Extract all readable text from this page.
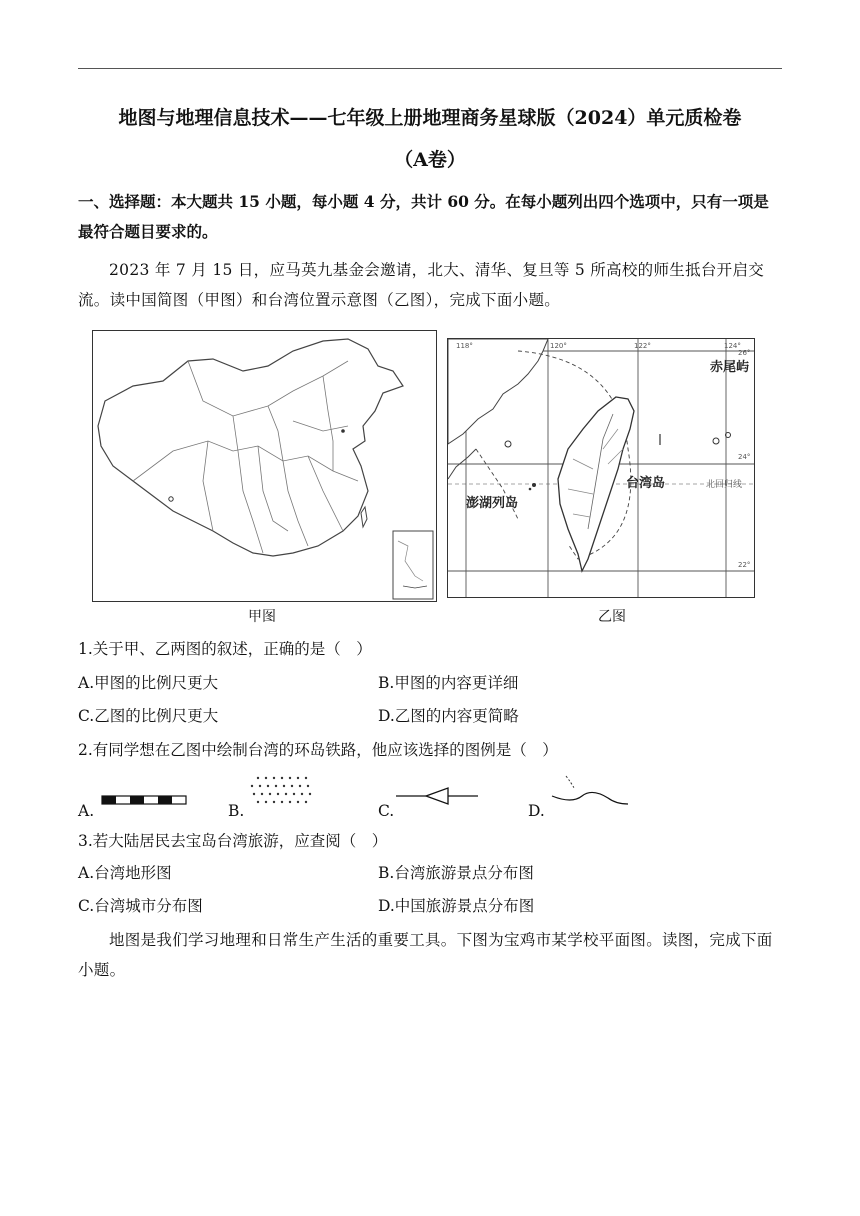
地图与地理信息技术——七年级上册地理商务星球版（2024）单元质检卷
（A卷）
一、选择题：本大题共 15 小题，每小题 4 分，共计 60 分。在每小题列出四个选项中，只有一项是最符合题目要求的。
2023 年 7 月 15 日，应马英九基金会邀请，北大、清华、复旦等 5 所高校的师生抵台开启交流。读中国简图（甲图）和台湾位置示意图（乙图），完成下面小题。
118°	120°	122°	124°
26°
24°
22°
赤尾屿
台湾岛
澎湖列岛
北回归线
甲图	乙图
1.关于甲、乙两图的叙述，正确的是（　）
A.甲图的比例尺更大	B.甲图的内容更详细
C.乙图的比例尺更大	D.乙图的内容更简略
2.有同学想在乙图中绘制台湾的环岛铁路，他应该选择的图例是（　）
A.	B.	C.	D.
3.若大陆居民去宝岛台湾旅游，应查阅（　）
A.台湾地形图	B.台湾旅游景点分布图
C.台湾城市分布图	D.中国旅游景点分布图
地图是我们学习地理和日常生产生活的重要工具。下图为宝鸡市某学校平面图。读图，完成下面小题。
